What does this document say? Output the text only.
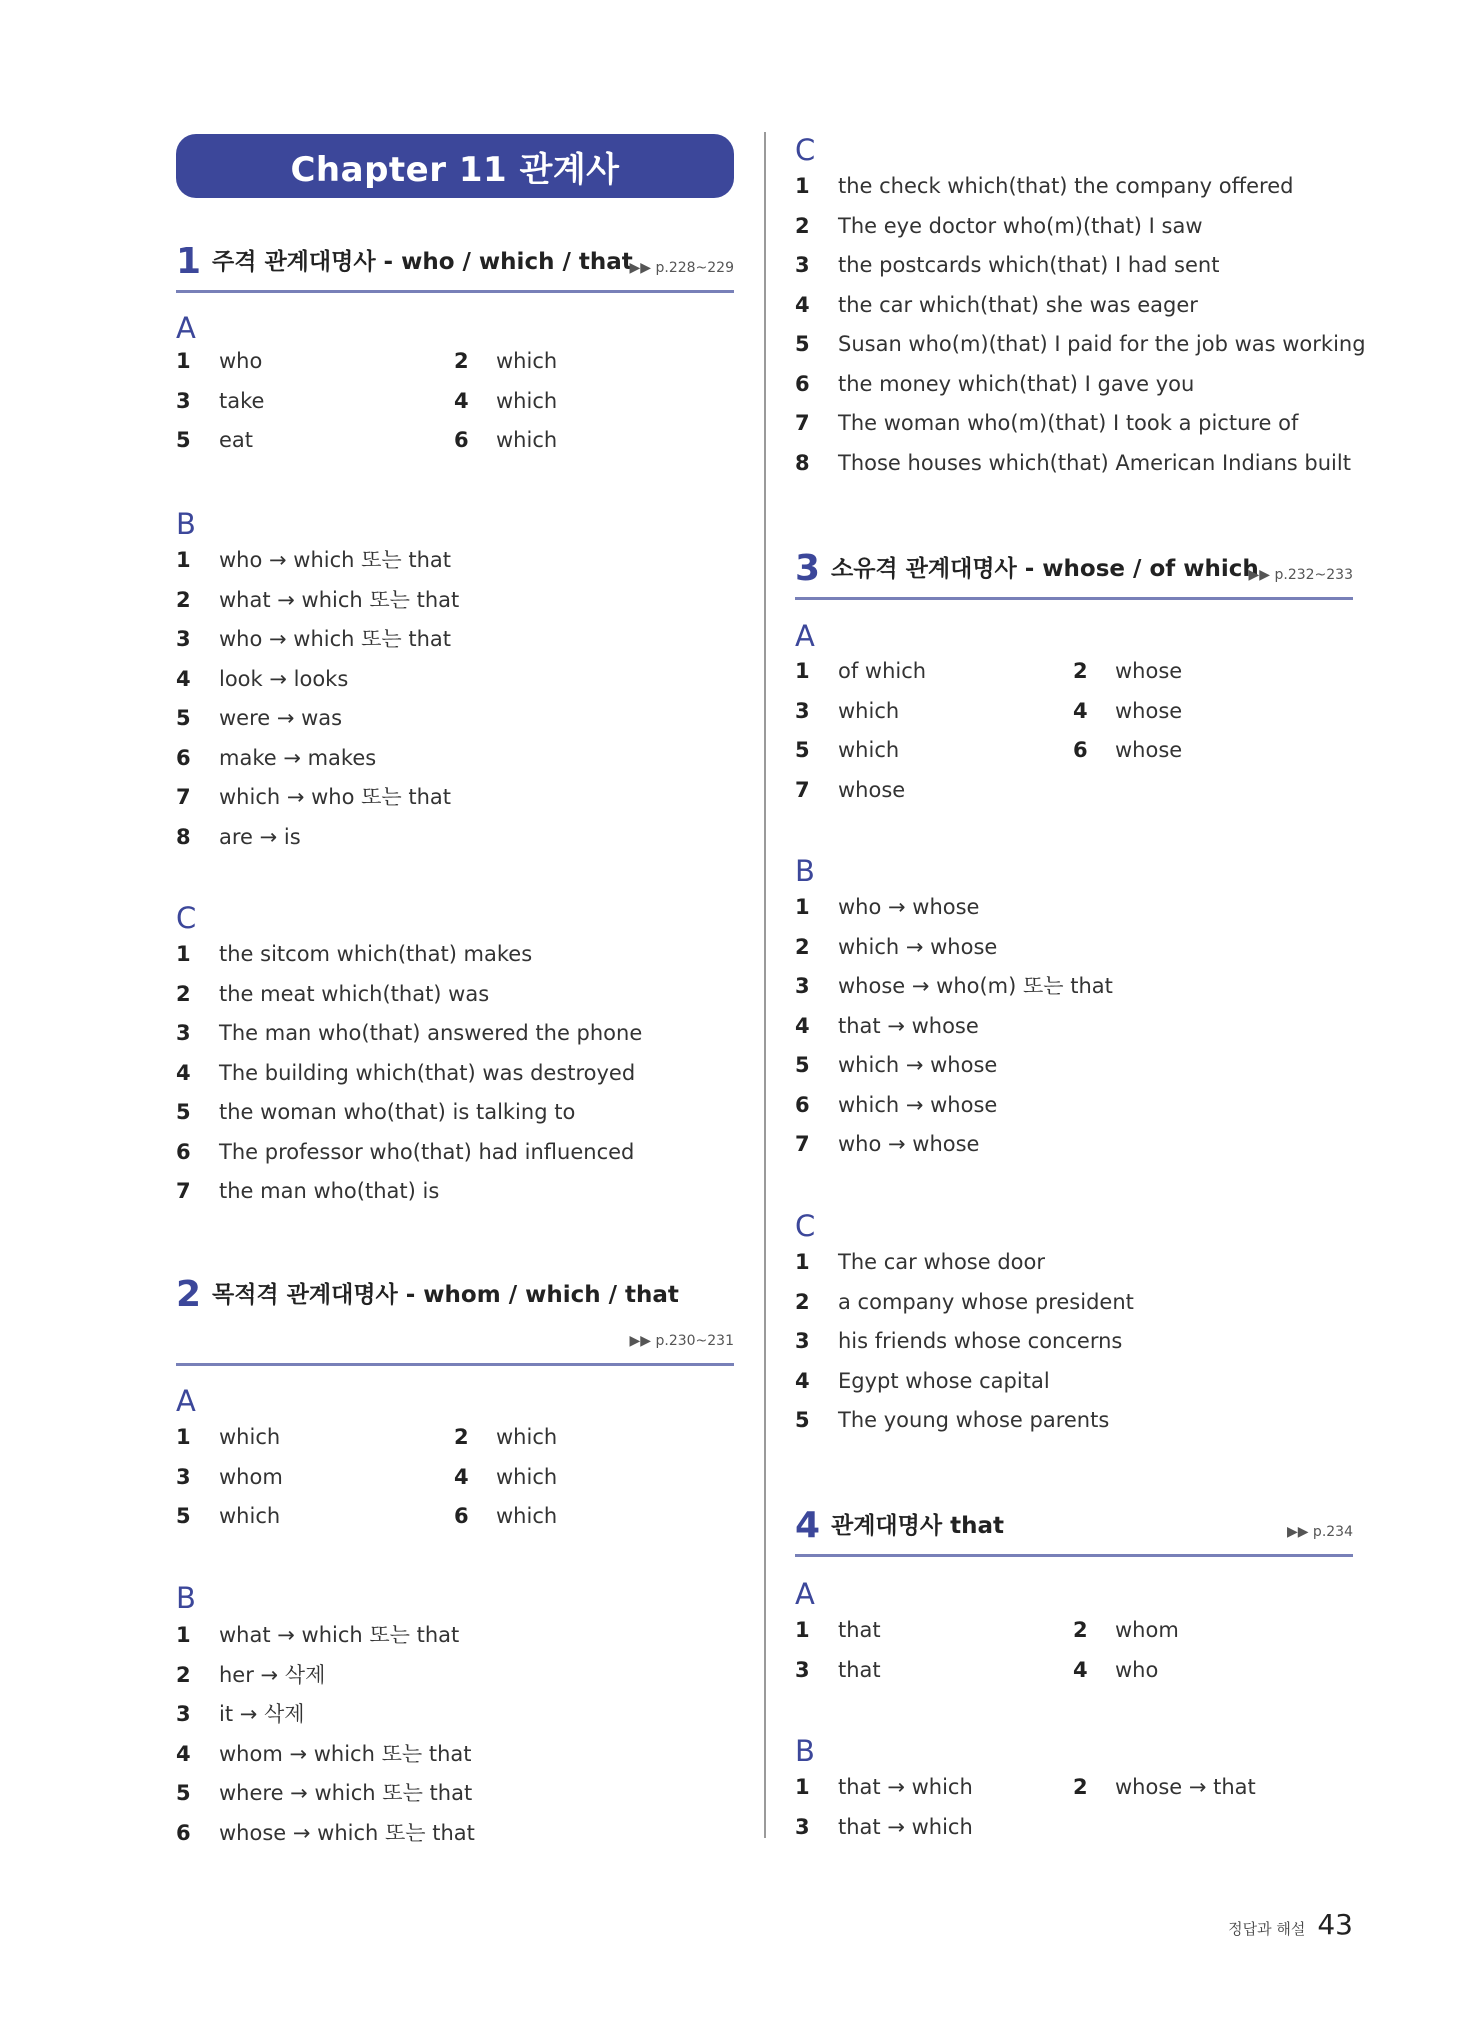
Chapter 11 관계사
1 주격 관계대명사 - who / which / that
▶▶ p.228~229
A
1	who	2	which
3	take	4	which
5	eat	6	which
B
1	who → which 또는 that
2	what → which 또는 that
3	who → which 또는 that
4	look → looks
5	were → was
6	make → makes
7	which → who 또는 that
8	are → is
C
1	the sitcom which(that) makes
2	the meat which(that) was
3	The man who(that) answered the phone
4	The building which(that) was destroyed
5	the woman who(that) is talking to
6	The professor who(that) had influenced
7	the man who(that) is
2 목적격 관계대명사 - whom / which / that
▶▶ p.230~231
A
1	which	2	which
3	whom	4	which
5	which	6	which
B
1	what → which 또는 that
2	her → 삭제
3	it → 삭제
4	whom → which 또는 that
5	where → which 또는 that
6	whose → which 또는 that
C
1	the check which(that) the company offered
2	The eye doctor who(m)(that) I saw
3	the postcards which(that) I had sent
4	the car which(that) she was eager
5	Susan who(m)(that) I paid for the job was working
6	the money which(that) I gave you
7	The woman who(m)(that) I took a picture of
8	Those houses which(that) American Indians built
3 소유격 관계대명사 - whose / of which
▶▶ p.232~233
A
1	of which	2	whose
3	which	4	whose
5	which	6	whose
7	whose
B
1	who → whose
2	which → whose
3	whose → who(m) 또는 that
4	that → whose
5	which → whose
6	which → whose
7	who → whose
C
1	The car whose door
2	a company whose president
3	his friends whose concerns
4	Egypt whose capital
5	The young whose parents
4 관계대명사 that	▶▶ p.234
A
1	that	2	whom
3	that	4	who
B
1	that → which	2	whose → that
3	that → which
정답과 해설 43
